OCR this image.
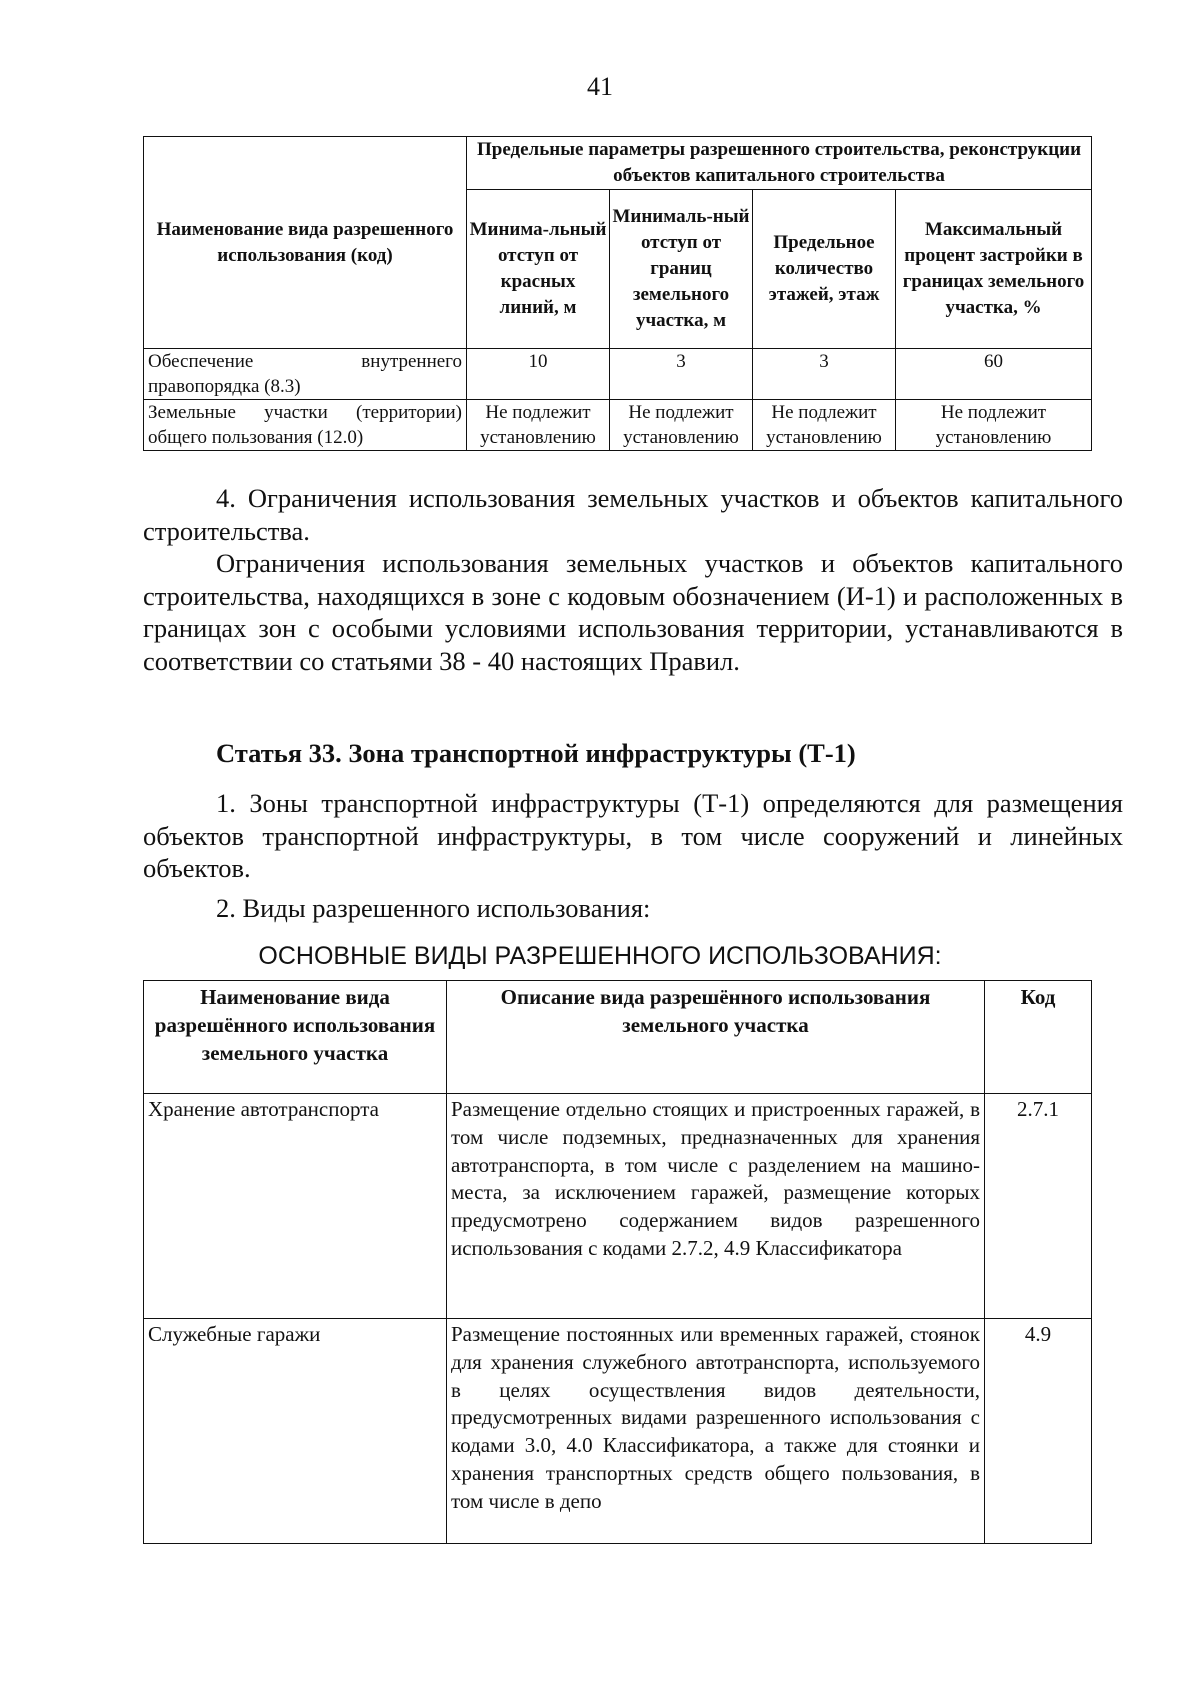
41
Наименование вида разрешенного использования (код)	Предельные параметры разрешенного строительства, реконструкции объектов капитального строительства			
	Минима-льный отступ от красных линий, м	Минималь-ный отступ от границ земельного участка, м	Предельное количество этажей, этаж	Максимальный процент застройки в границах земельного участка, %
Обеспечение внутреннего правопорядка (8.3)	10	3	3	60
Земельные участки (территории) общего пользования (12.0)	Не подлежит установлению	Не подлежит установлению	Не подлежит установлению	Не подлежит установлению

4. Ограничения использования земельных участков и объектов капитального строительства.

Ограничения использования земельных участков и объектов капитального строительства, находящихся в зоне с кодовым обозначением (И-1) и расположенных в границах зон с особыми условиями использования территории, устанавливаются в соответствии со статьями 38 - 40 настоящих Правил.

Статья 33. Зона транспортной инфраструктуры (Т-1)

1. Зоны транспортной инфраструктуры (Т-1) определяются для размещения объектов транспортной инфраструктуры, в том числе сооружений и линейных объектов.

2. Виды разрешенного использования:

ОСНОВНЫЕ ВИДЫ РАЗРЕШЕННОГО ИСПОЛЬЗОВАНИЯ:

Наименование вида разрешённого использования земельного участка	Описание вида разрешённого использования земельного участка	Код
Хранение автотранспорта	Размещение отдельно стоящих и пристроенных гаражей, в том числе подземных, предназначенных для хранения автотранспорта, в том числе с разделением на машино-места, за исключением гаражей, размещение которых предусмотрено содержанием видов разрешенного использования с кодами 2.7.2, 4.9 Классификатора	2.7.1
Служебные гаражи	Размещение постоянных или временных гаражей, стоянок для хранения служебного автотранспорта, используемого в целях осуществления видов деятельности, предусмотренных видами разрешенного использования с кодами 3.0, 4.0 Классификатора, а также для стоянки и хранения транспортных средств общего пользования, в том числе в депо	4.9
